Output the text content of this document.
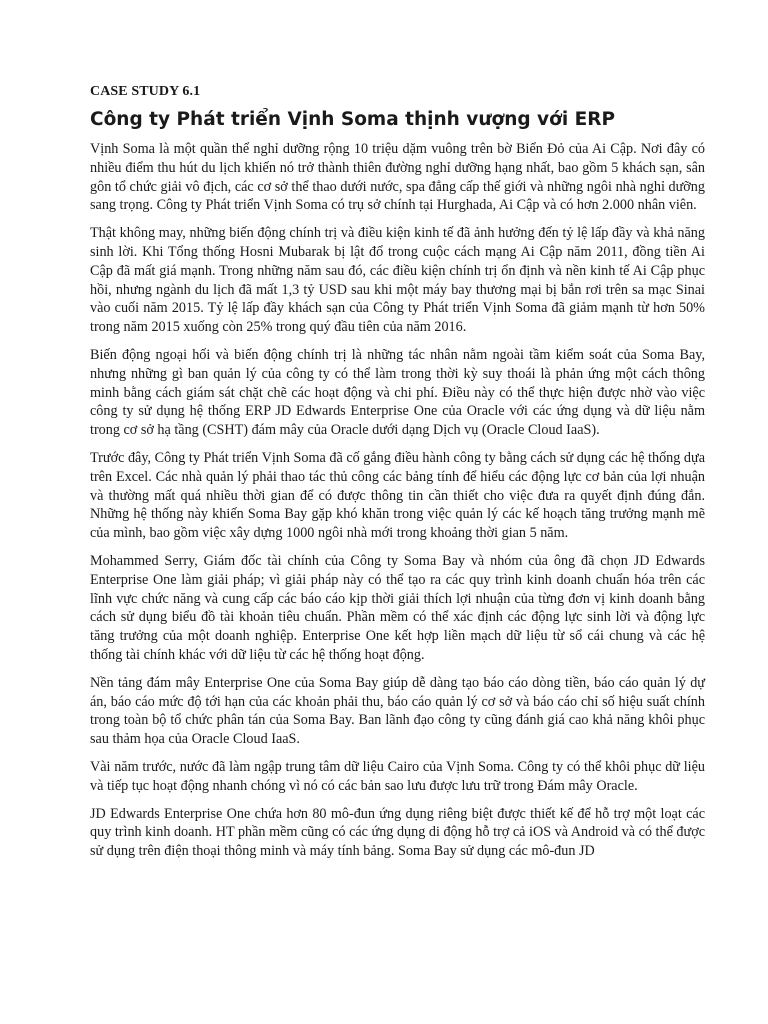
CASE STUDY 6.1
Công ty Phát triển Vịnh Soma thịnh vượng với ERP

Vịnh Soma là một quần thể nghỉ dưỡng rộng 10 triệu dặm vuông trên bờ Biển Đỏ của Ai Cập. Nơi đây có nhiều điểm thu hút du lịch khiến nó trở thành thiên đường nghỉ dưỡng hạng nhất, bao gồm 5 khách sạn, sân gôn tổ chức giải vô địch, các cơ sở thể thao dưới nước, spa đẳng cấp thế giới và những ngôi nhà nghỉ dưỡng sang trọng. Công ty Phát triển Vịnh Soma có trụ sở chính tại Hurghada, Ai Cập và có hơn 2.000 nhân viên.

Thật không may, những biến động chính trị và điều kiện kinh tế đã ảnh hưởng đến tỷ lệ lấp đầy và khả năng sinh lời. Khi Tổng thống Hosni Mubarak bị lật đổ trong cuộc cách mạng Ai Cập năm 2011, đồng tiền Ai Cập đã mất giá mạnh. Trong những năm sau đó, các điều kiện chính trị ổn định và nền kinh tế Ai Cập phục hồi, nhưng ngành du lịch đã mất 1,3 tỷ USD sau khi một máy bay thương mại bị bắn rơi trên sa mạc Sinai vào cuối năm 2015. Tỷ lệ lấp đầy khách sạn của Công ty Phát triển Vịnh Soma đã giảm mạnh từ hơn 50% trong năm 2015 xuống còn 25% trong quý đầu tiên của năm 2016.

Biến động ngoại hối và biến động chính trị là những tác nhân nằm ngoài tầm kiểm soát của Soma Bay, nhưng những gì ban quản lý của công ty có thể làm trong thời kỳ suy thoái là phản ứng một cách thông minh bằng cách giám sát chặt chẽ các hoạt động và chi phí. Điều này có thể thực hiện được nhờ vào việc công ty sử dụng hệ thống ERP JD Edwards Enterprise One của Oracle với các ứng dụng và dữ liệu nằm trong cơ sở hạ tầng (CSHT) đám mây của Oracle dưới dạng Dịch vụ (Oracle Cloud IaaS).

Trước đây, Công ty Phát triển Vịnh Soma đã cố gắng điều hành công ty bằng cách sử dụng các hệ thống dựa trên Excel. Các nhà quản lý phải thao tác thủ công các bảng tính để hiểu các động lực cơ bản của lợi nhuận và thường mất quá nhiều thời gian để có được thông tin cần thiết cho việc đưa ra quyết định đúng đắn. Những hệ thống này khiến Soma Bay gặp khó khăn trong việc quản lý các kế hoạch tăng trưởng mạnh mẽ của mình, bao gồm việc xây dựng 1000 ngôi nhà mới trong khoảng thời gian 5 năm.

Mohammed Serry, Giám đốc tài chính của Công ty Soma Bay và nhóm của ông đã chọn JD Edwards Enterprise One làm giải pháp; vì giải pháp này có thể tạo ra các quy trình kinh doanh chuẩn hóa trên các lĩnh vực chức năng và cung cấp các báo cáo kịp thời giải thích lợi nhuận của từng đơn vị kinh doanh bằng cách sử dụng biểu đồ tài khoản tiêu chuẩn. Phần mềm có thể xác định các động lực sinh lời và động lực tăng trưởng của một doanh nghiệp. Enterprise One kết hợp liền mạch dữ liệu từ sổ cái chung và các hệ thống tài chính khác với dữ liệu từ các hệ thống hoạt động.

Nền tảng đám mây Enterprise One của Soma Bay giúp dễ dàng tạo báo cáo dòng tiền, báo cáo quản lý dự án, báo cáo mức độ tới hạn của các khoản phải thu, báo cáo quản lý cơ sở và báo cáo chỉ số hiệu suất chính trong toàn bộ tổ chức phân tán của Soma Bay. Ban lãnh đạo công ty cũng đánh giá cao khả năng khôi phục sau thảm họa của Oracle Cloud IaaS.

Vài năm trước, nước đã làm ngập trung tâm dữ liệu Cairo của Vịnh Soma. Công ty có thể khôi phục dữ liệu và tiếp tục hoạt động nhanh chóng vì nó có các bản sao lưu được lưu trữ trong Đám mây Oracle.

JD Edwards Enterprise One chứa hơn 80 mô-đun ứng dụng riêng biệt được thiết kế để hỗ trợ một loạt các quy trình kinh doanh. HT phần mềm cũng có các ứng dụng di động hỗ trợ cả iOS và Android và có thể được sử dụng trên điện thoại thông minh và máy tính bảng. Soma Bay sử dụng các mô-đun JD
